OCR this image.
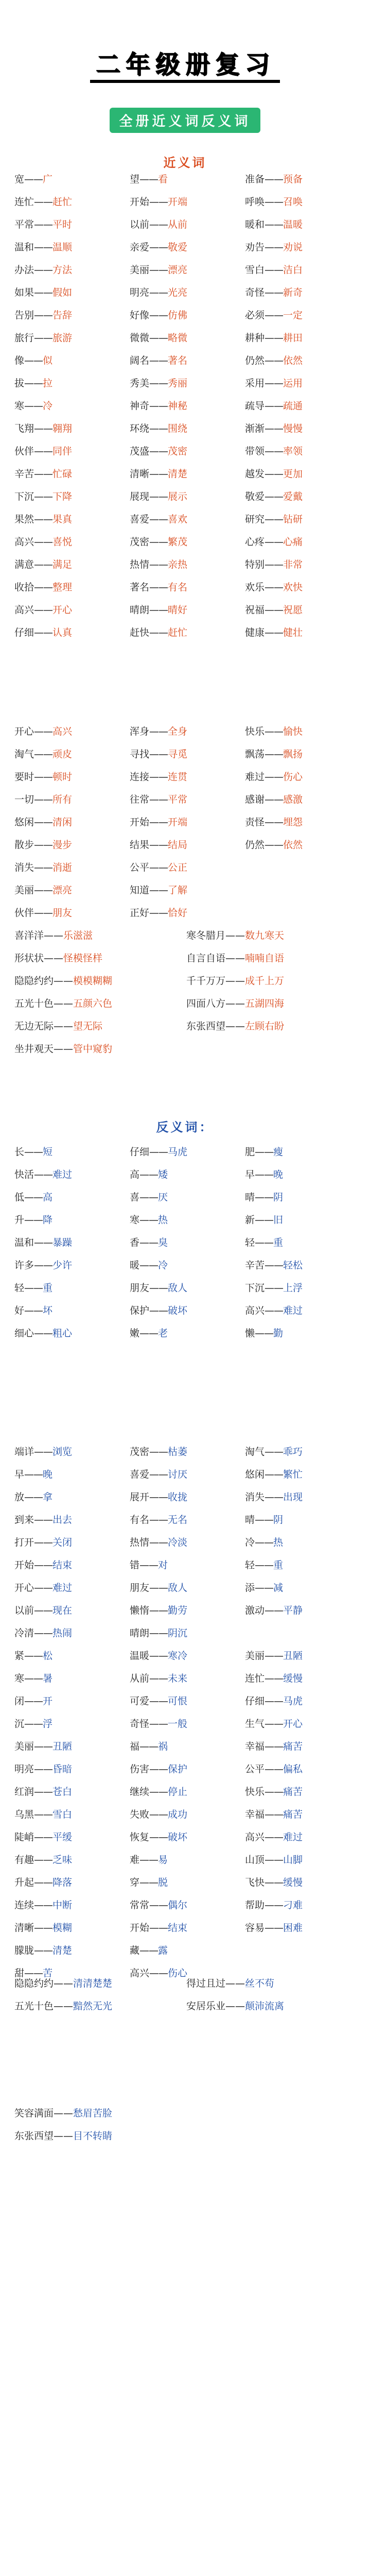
二年级册复习
全册近义词反义词
近义词
宽——广	望——看	准备——预备
连忙——赶忙	开始——开端	呼唤——召唤
平常——平时	以前——从前	暖和——温暖
温和——温顺	亲爱——敬爱	劝告——劝说
办法——方法	美丽——漂亮	雪白——洁白
如果——假如	明亮——光亮	奇怪——新奇
告别——告辞	好像——仿佛	必须——一定
旅行——旅游	微微——略微	耕种——耕田
像——似	阔名——著名	仍然——依然
拔——拉	秀美——秀丽	采用——运用
寒——冷	神奇——神秘	疏导——疏通
飞翔——翱翔	环绕——围绕	渐渐——慢慢
伙伴——同伴	茂盛——茂密	带领——率领
辛苦——忙碌	清晰——清楚	越发——更加
下沉——下降	展现——展示	敬爱——爱戴
果然——果真	喜爱——喜欢	研究——钻研
高兴——喜悦	茂密——繁茂	心疼——心痛
满意——满足	热情——亲热	特别——非常
收拾——整理	著名——有名	欢乐——欢快
高兴——开心	晴朗——晴好	祝福——祝愿
仔细——认真	赶快——赶忙	健康——健壮
开心——高兴	浑身——全身	快乐——愉快
淘气——顽皮	寻找——寻觅	飘荡——飘扬
要时——顿时	连接——连贯	难过——伤心
一切——所有	往常——平常	感谢——感激
悠闲——清闲	开始——开端	责怪——埋怨
散步——漫步	结果——结局	仍然——依然
消失——消逝	公平——公正
美丽——漂亮	知道——了解
伙伴——朋友	正好——恰好
喜洋洋——乐滋滋	寒冬腊月——数九寒天
形状状——怪模怪样	自言自语——喃喃自语
隐隐约约——模模糊糊	千千万万——成千上万
五光十色——五颜六色	四面八方——五湖四海
无边无际——望无际	东张西望——左顾右盼
坐井观天——管中窥豹
反义词：
长——短	仔细——马虎	肥——瘦
快活——难过	高——矮	早——晚
低——高	喜——厌	晴——阴
升——降	寒——热	新——旧
温和——暴躁	香——臭	轻——重
许多——少许	暖——冷	辛苦——轻松
轻——重	朋友——敌人	下沉——上浮
好——坏	保护——破坏	高兴——难过
细心——粗心	嫩——老	懒——勤
端详——浏览	茂密——枯萎	淘气——乖巧
早——晚	喜爱——讨厌	悠闲——繁忙
放——拿	展开——收拢	消失——出现
到来——出去	有名——无名	晴——阴
打开——关闭	热情——冷淡	冷——热
开始——结束	错——对	轻——重
开心——难过	朋友——敌人	添——减
以前——现在	懒惰——勤劳	激动——平静
冷清——热闹	晴朗——阴沉
紧——松	温暖——寒冷	美丽——丑陋
寒——暑	从前——未来	连忙——缓慢
闭——开	可爱——可恨	仔细——马虎
沉——浮	奇怪——一般	生气——开心
美丽——丑陋	福——祸	幸福——痛苦
明亮——昏暗	伤害——保护	公平——偏私
红润——苍白	继续——停止	快乐——痛苦
乌黑——雪白	失败——成功	幸福——痛苦
陡峭——平缓	恢复——破坏	高兴——难过
有趣——乏味	难——易	山顶——山脚
升起——降落	穿——脱	飞快——缓慢
连续——中断	常常——偶尔	帮助——刁难
清晰——模糊	开始——结束	容易——困难
朦胧——清楚	藏——露
甜——苦	高兴——伤心
隐隐约约——清清楚楚	得过且过——丝不苟
五光十色——黯然无光	安居乐业——颠沛流离
笑容满面——愁眉苦脸
东张西望——目不转睛
